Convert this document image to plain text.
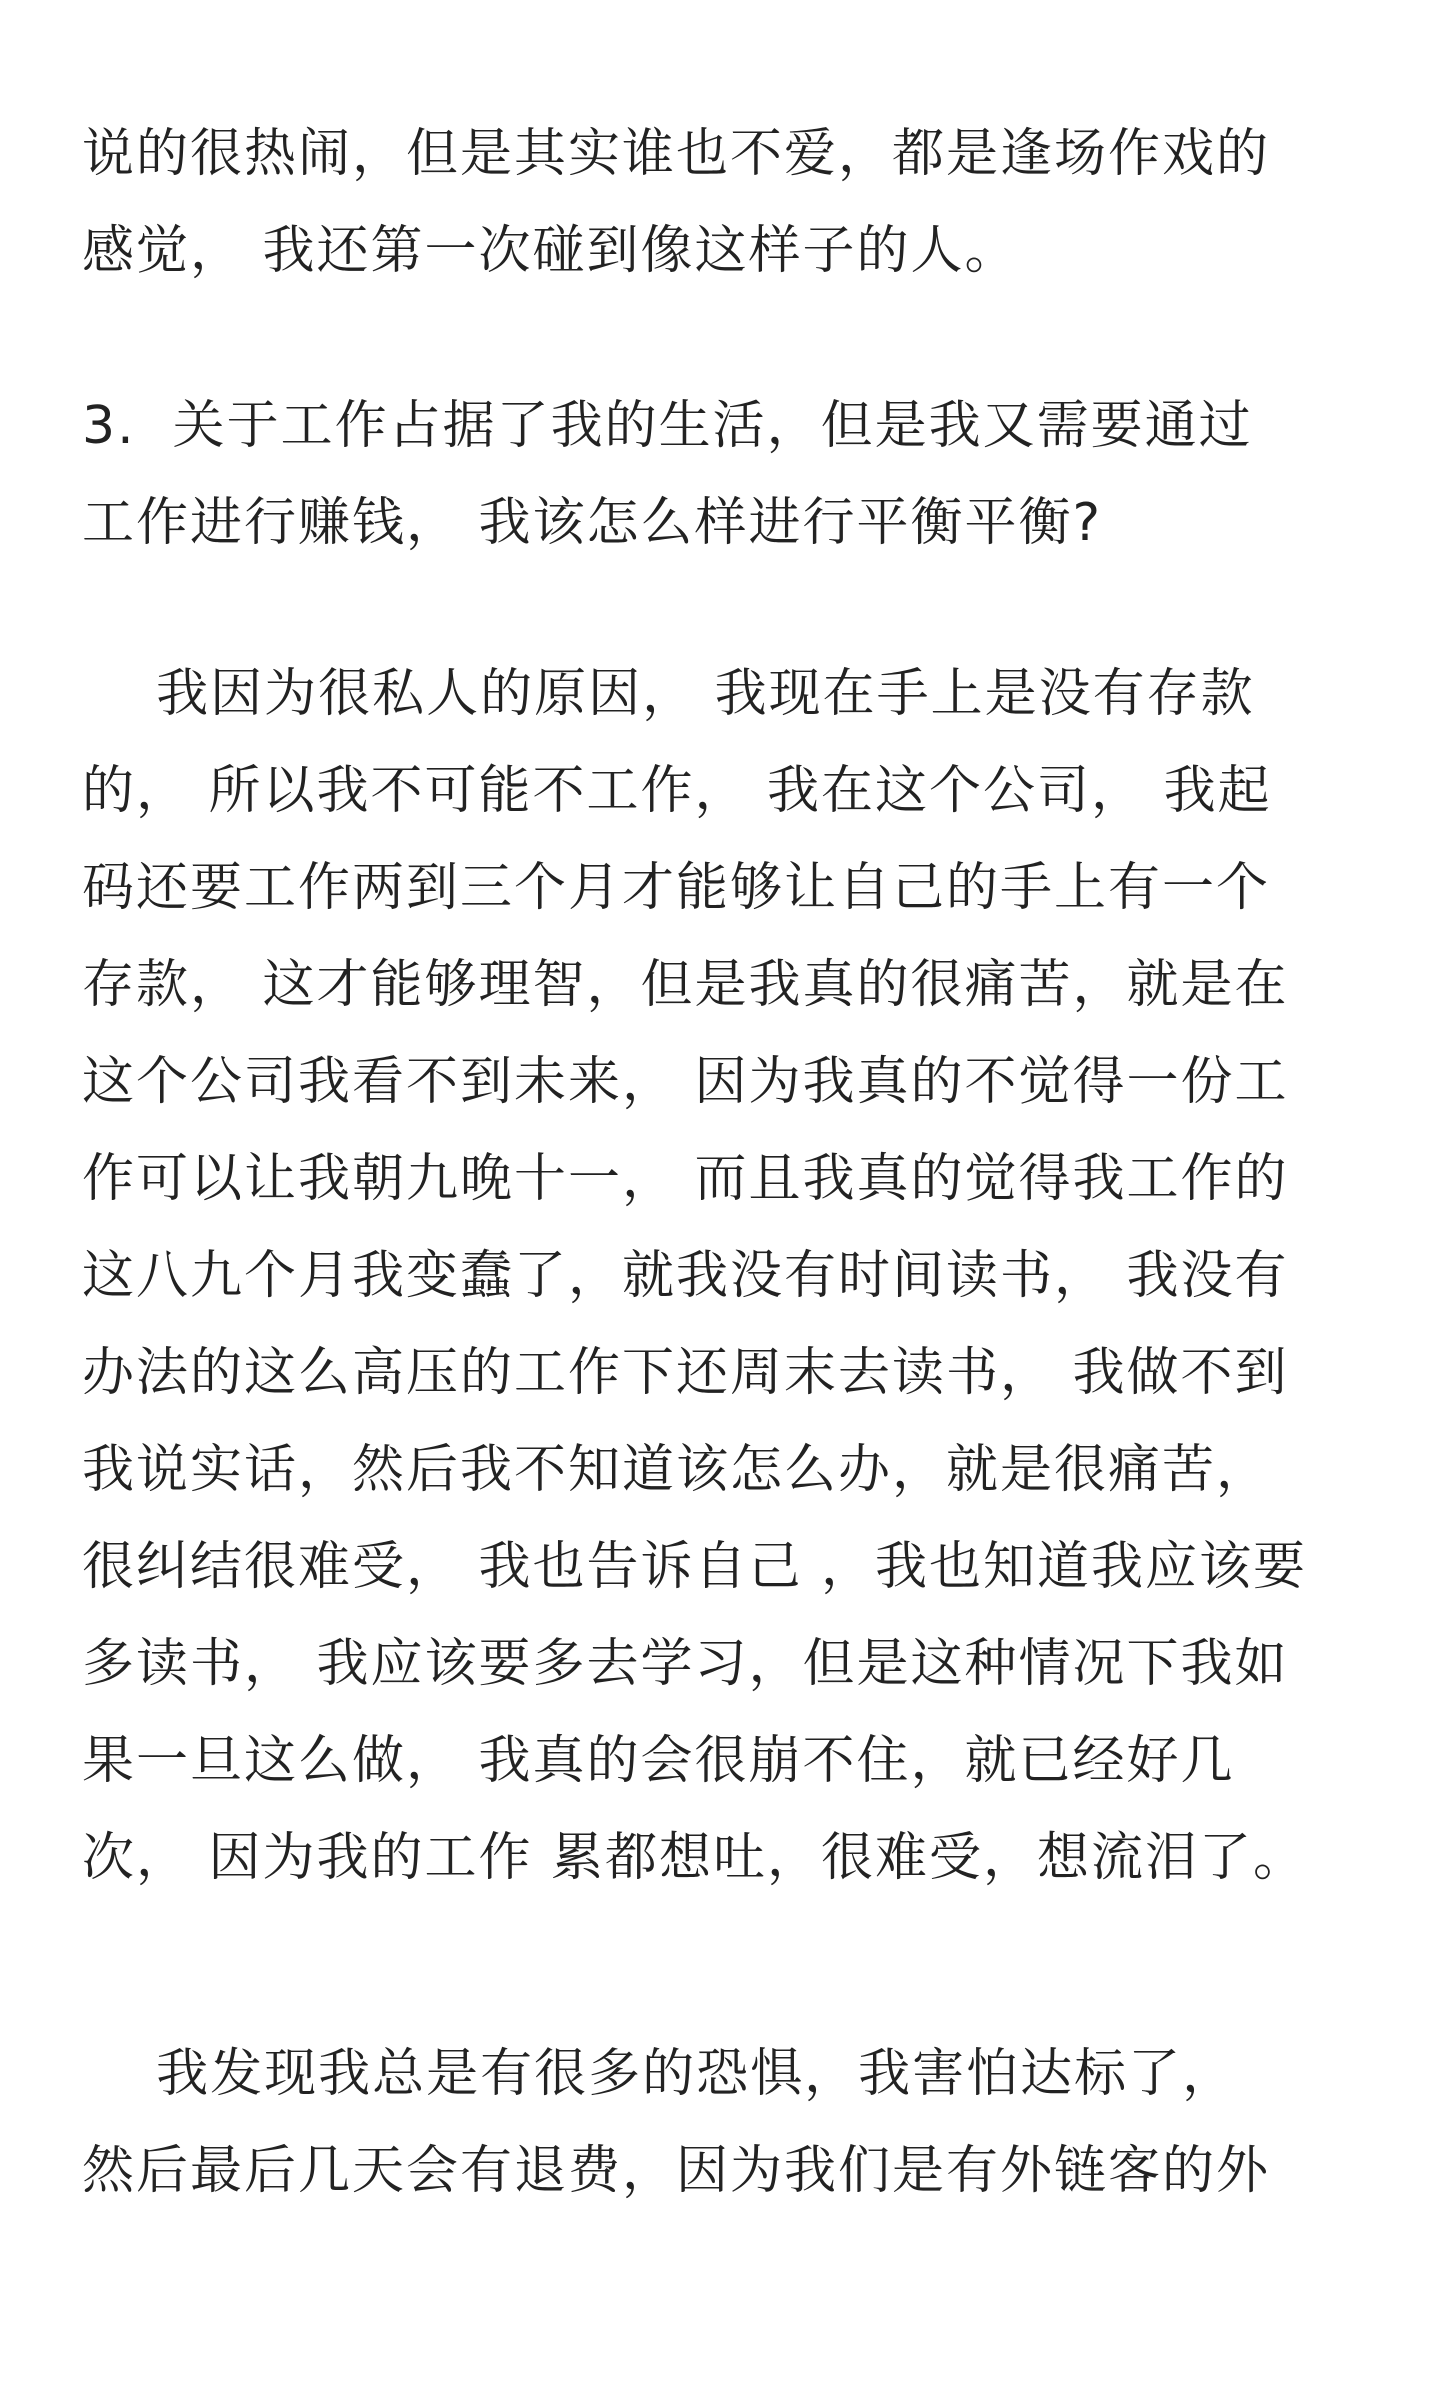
说的很热闹，但是其实谁也不爱，都是逢场作戏的
感觉， 我还第一次碰到像这样子的人。

3.  关于工作占据了我的生活，但是我又需要通过
工作进行赚钱， 我该怎么样进行平衡平衡?

我因为很私人的原因， 我现在手上是没有存款
的， 所以我不可能不工作， 我在这个公司， 我起
码还要工作两到三个月才能够让自己的手上有一个
存款， 这才能够理智，但是我真的很痛苦，就是在
这个公司我看不到未来， 因为我真的不觉得一份工
作可以让我朝九晚十一， 而且我真的觉得我工作的
这八九个月我变蠢了，就我没有时间读书， 我没有
办法的这么高压的工作下还周末去读书， 我做不到
我说实话，然后我不知道该怎么办，就是很痛苦，
很纠结很难受， 我也告诉自己 ，我也知道我应该要
多读书， 我应该要多去学习，但是这种情况下我如
果一旦这么做， 我真的会很崩不住，就已经好几
次， 因为我的工作 累都想吐，很难受，想流泪了。

我发现我总是有很多的恐惧，我害怕达标了，
然后最后几天会有退费，因为我们是有外链客的外
